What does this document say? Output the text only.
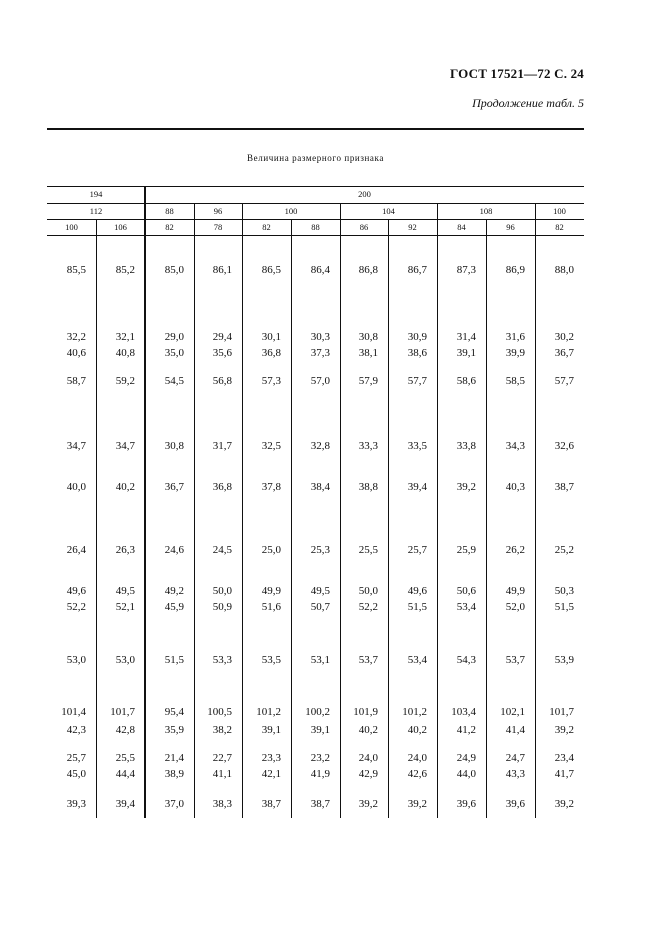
ГОСТ 17521—72 С. 24
Продолжение табл. 5
Величина размерного признака
194	200
112	88	96	100	104	108	100
100	106	82	78	82	88	86	92	84	96	82
85,5	85,2	85,0	86,1	86,5	86,4	86,8	86,7	87,3	86,9	88,0
32,2	32,1	29,0	29,4	30,1	30,3	30,8	30,9	31,4	31,6	30,2
40,6	40,8	35,0	35,6	36,8	37,3	38,1	38,6	39,1	39,9	36,7
58,7	59,2	54,5	56,8	57,3	57,0	57,9	57,7	58,6	58,5	57,7
34,7	34,7	30,8	31,7	32,5	32,8	33,3	33,5	33,8	34,3	32,6
40,0	40,2	36,7	36,8	37,8	38,4	38,8	39,4	39,2	40,3	38,7
26,4	26,3	24,6	24,5	25,0	25,3	25,5	25,7	25,9	26,2	25,2
49,6	49,5	49,2	50,0	49,9	49,5	50,0	49,6	50,6	49,9	50,3
52,2	52,1	45,9	50,9	51,6	50,7	52,2	51,5	53,4	52,0	51,5
53,0	53,0	51,5	53,3	53,5	53,1	53,7	53,4	54,3	53,7	53,9
101,4	101,7	95,4	100,5	101,2	100,2	101,9	101,2	103,4	102,1	101,7
42,3	42,8	35,9	38,2	39,1	39,1	40,2	40,2	41,2	41,4	39,2
25,7	25,5	21,4	22,7	23,3	23,2	24,0	24,0	24,9	24,7	23,4
45,0	44,4	38,9	41,1	42,1	41,9	42,9	42,6	44,0	43,3	41,7
39,3	39,4	37,0	38,3	38,7	38,7	39,2	39,2	39,6	39,6	39,2
